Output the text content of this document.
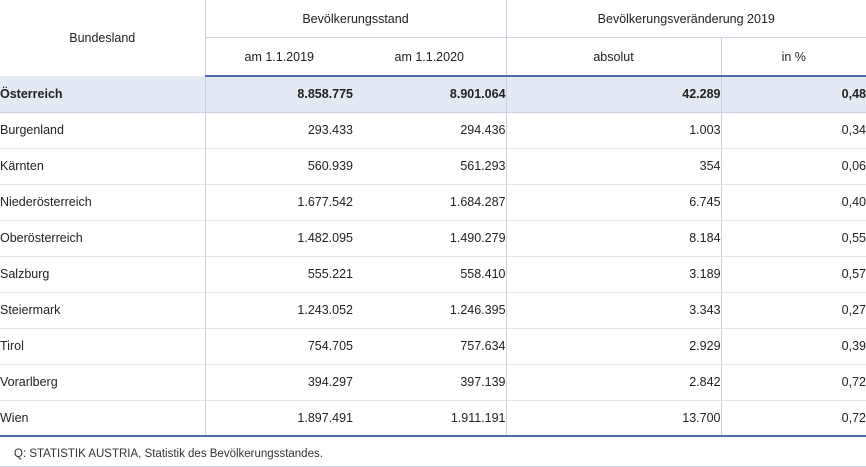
Bundesland	Bevölkerungsstand		Bevölkerungsveränderung 2019	
	am 1.1.2019	am 1.1.2020	absolut	in %
Österreich	8.858.775	8.901.064	42.289	0,48
Burgenland	293.433	294.436	1.003	0,34
Kärnten	560.939	561.293	354	0,06
Niederösterreich	1.677.542	1.684.287	6.745	0,40
Oberösterreich	1.482.095	1.490.279	8.184	0,55
Salzburg	555.221	558.410	3.189	0,57
Steiermark	1.243.052	1.246.395	3.343	0,27
Tirol	754.705	757.634	2.929	0,39
Vorarlberg	394.297	397.139	2.842	0,72
Wien	1.897.491	1.911.191	13.700	0,72
Q: STATISTIK AUSTRIA, Statistik des Bevölkerungsstandes.
